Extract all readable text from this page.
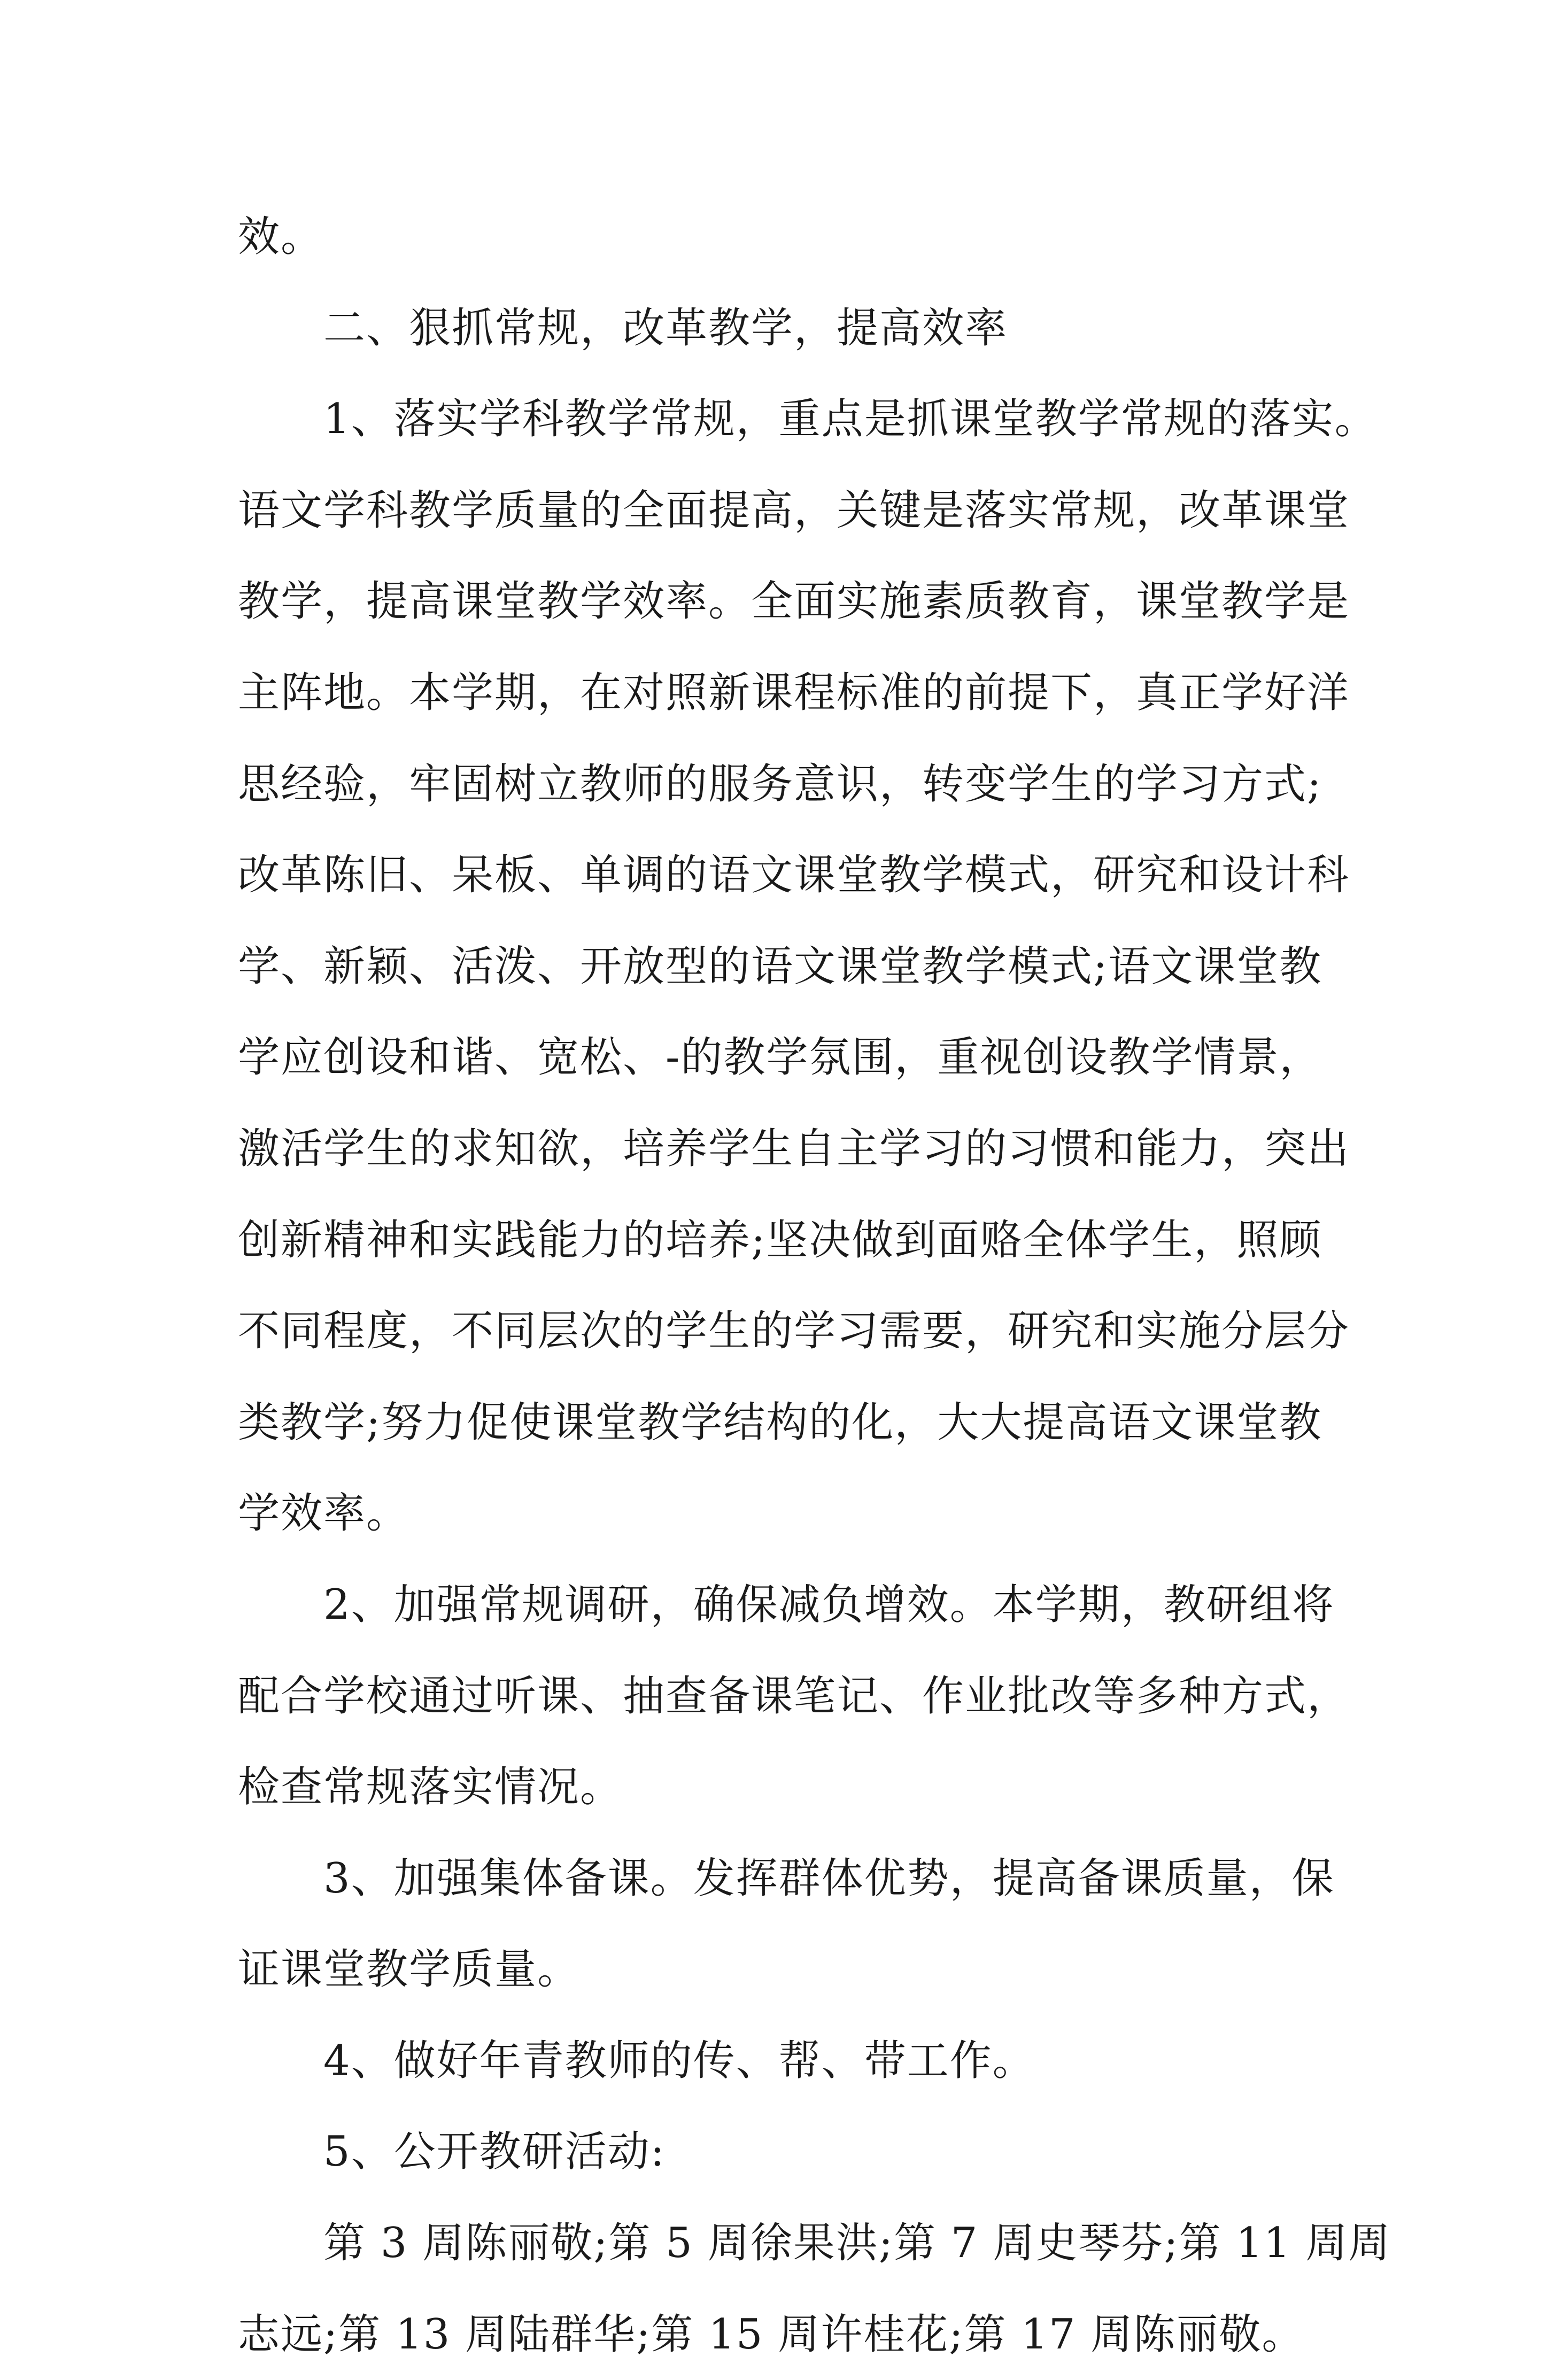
效。
二、狠抓常规，改革教学，提高效率
1、落实学科教学常规，重点是抓课堂教学常规的落实。
语文学科教学质量的全面提高，关键是落实常规，改革课堂
教学，提高课堂教学效率。全面实施素质教育，课堂教学是
主阵地。本学期，在对照新课程标准的前提下，真正学好洋
思经验，牢固树立教师的服务意识，转变学生的学习方式;
改革陈旧、呆板、单调的语文课堂教学模式，研究和设计科
学、新颖、活泼、开放型的语文课堂教学模式;语文课堂教
学应创设和谐、宽松、-的教学氛围，重视创设教学情景，
激活学生的求知欲，培养学生自主学习的习惯和能力，突出
创新精神和实践能力的培养;坚决做到面赂全体学生，照顾
不同程度，不同层次的学生的学习需要，研究和实施分层分
类教学;努力促使课堂教学结构的化，大大提高语文课堂教
学效率。
2、加强常规调研，确保减负增效。本学期，教研组将
配合学校通过听课、抽查备课笔记、作业批改等多种方式，
检查常规落实情况。
3、加强集体备课。发挥群体优势，提高备课质量，保
证课堂教学质量。
4、做好年青教师的传、帮、带工作。
5、公开教研活动:
第 3 周陈丽敬;第 5 周徐果洪;第 7 周史琴芬;第 11 周周
志远;第 13 周陆群华;第 15 周许桂花;第 17 周陈丽敬。
